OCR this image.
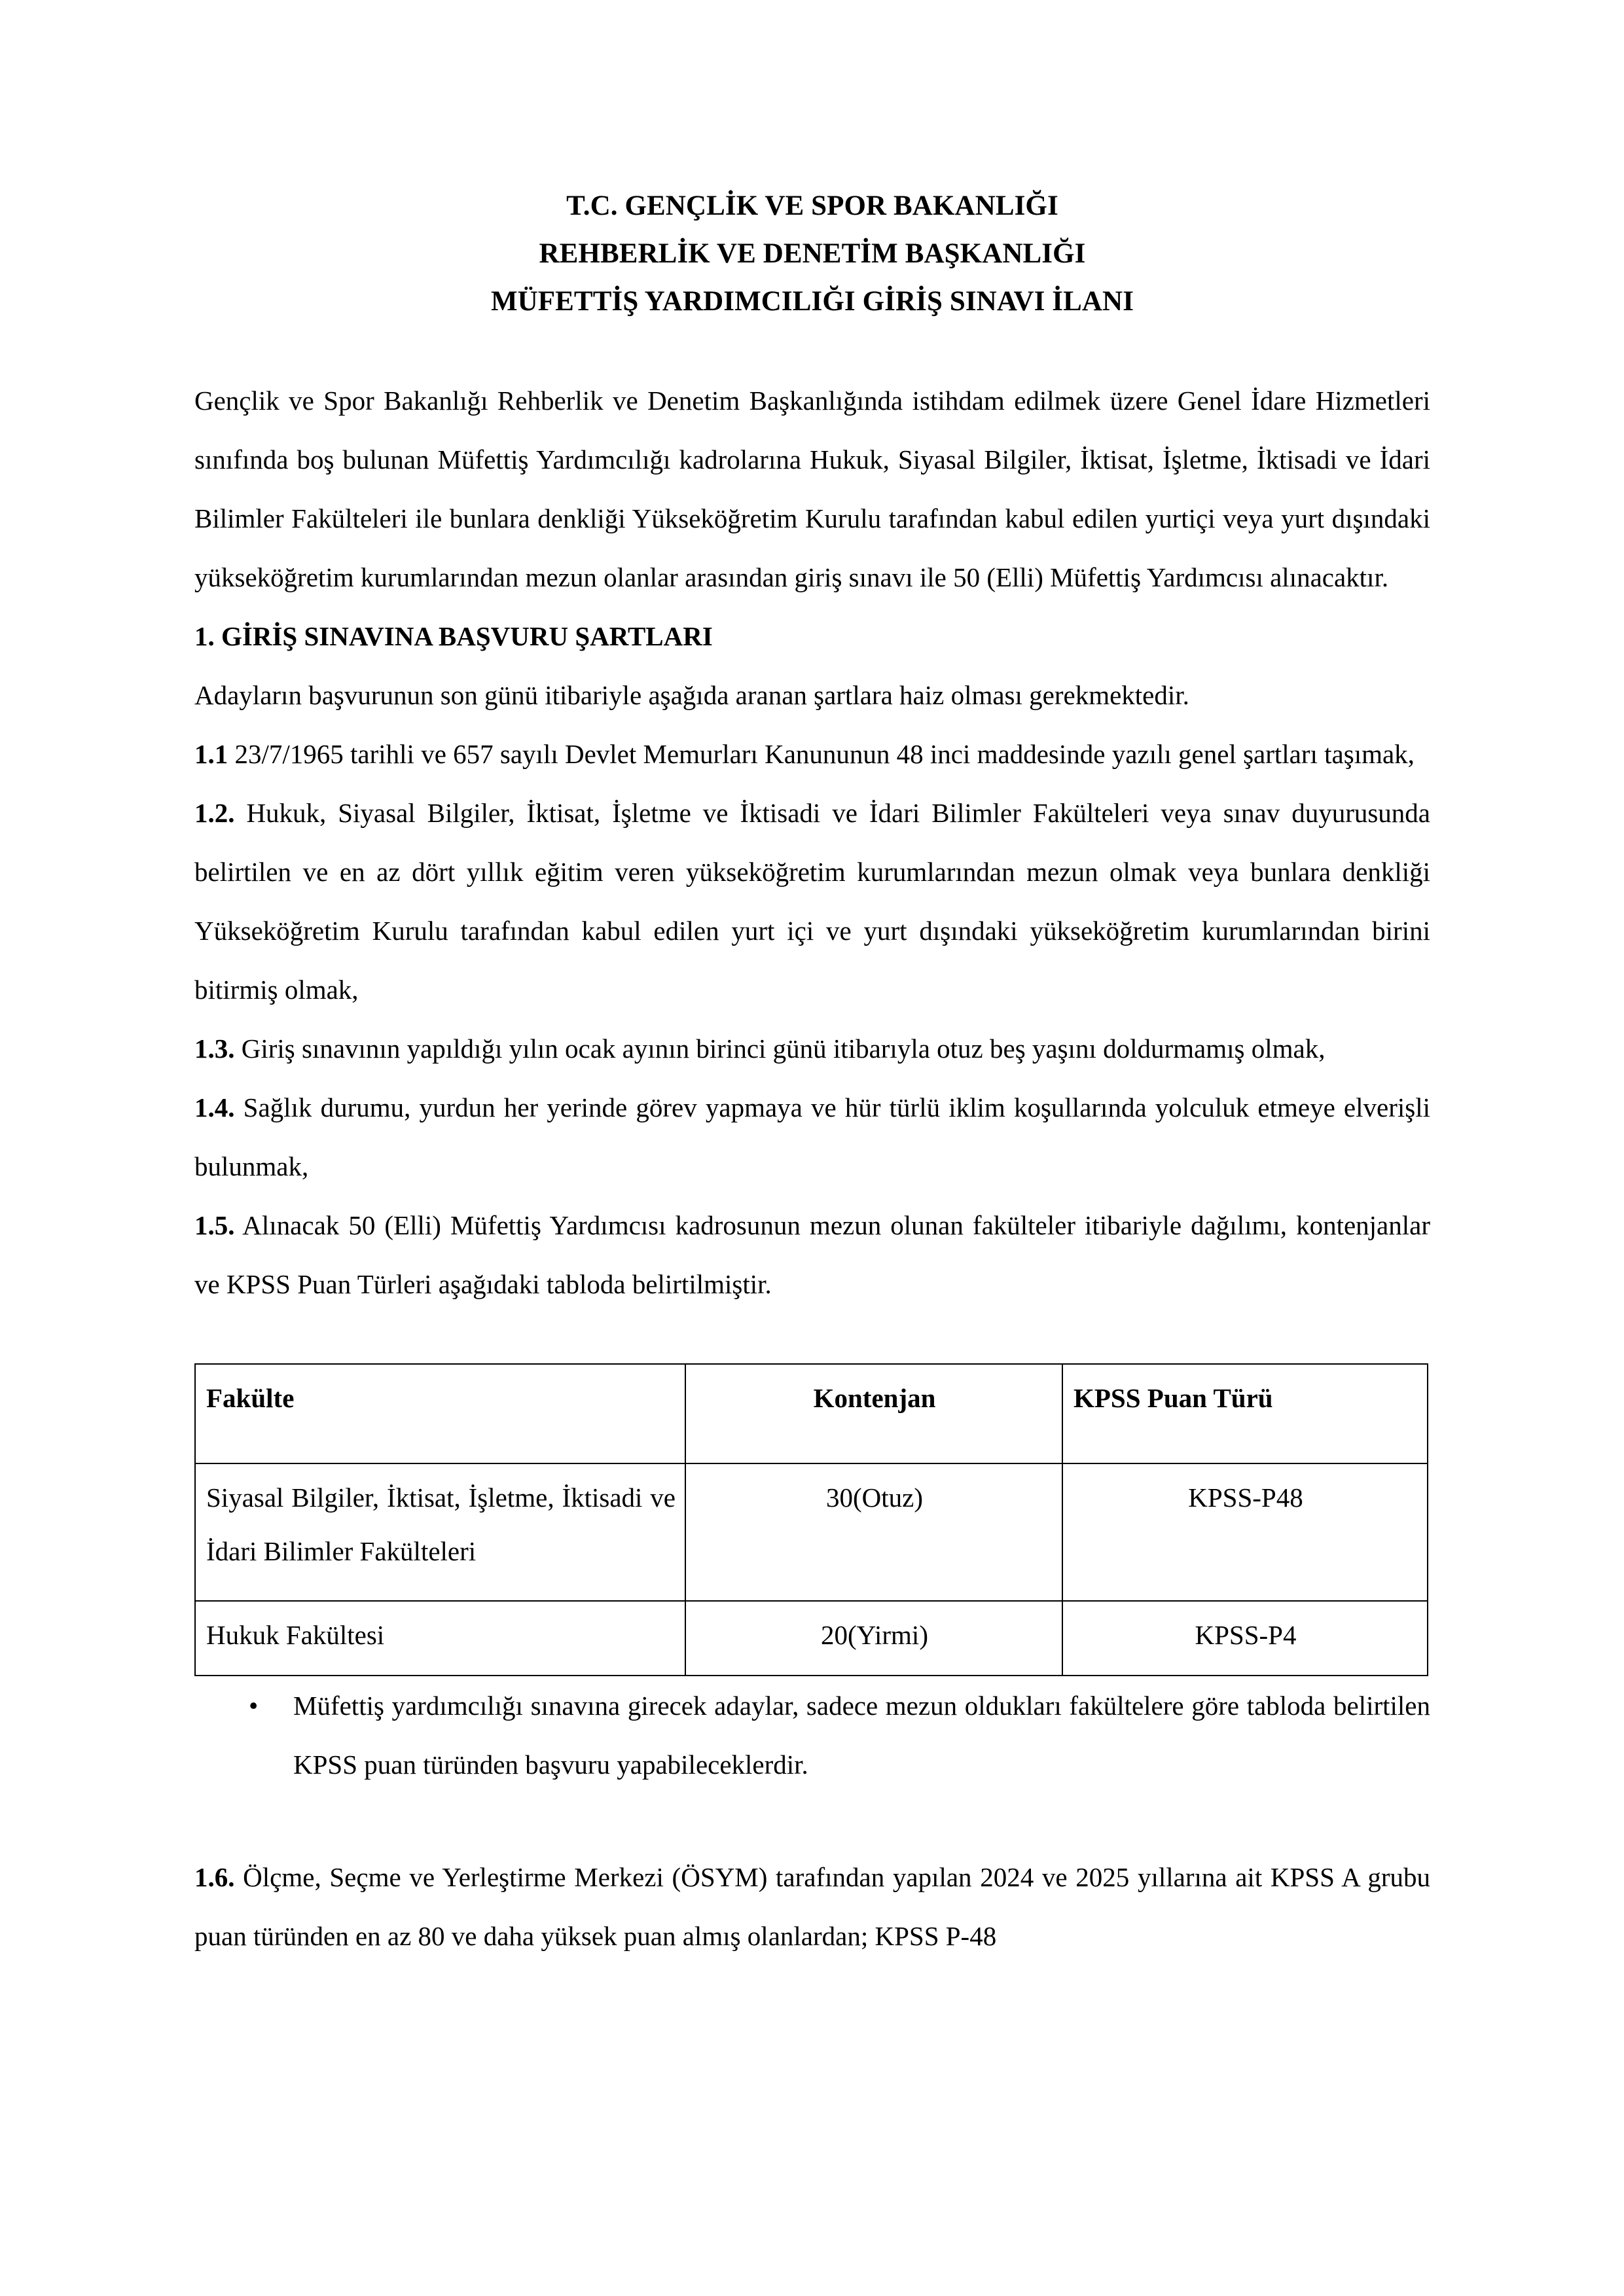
T.C. GENÇLİK VE SPOR BAKANLIĞI
REHBERLİK VE DENETİM BAŞKANLIĞI
MÜFETTİŞ YARDIMCILIĞI GİRİŞ SINAVI İLANI

Gençlik ve Spor Bakanlığı Rehberlik ve Denetim Başkanlığında istihdam edilmek üzere Genel İdare Hizmetleri sınıfında boş bulunan Müfettiş Yardımcılığı kadrolarına Hukuk, Siyasal Bilgiler, İktisat, İşletme, İktisadi ve İdari Bilimler Fakülteleri ile bunlara denkliği Yükseköğretim Kurulu tarafından kabul edilen yurtiçi veya yurt dışındaki yükseköğretim kurumlarından mezun olanlar arasından giriş sınavı ile 50 (Elli) Müfettiş Yardımcısı alınacaktır.

1. GİRİŞ SINAVINA BAŞVURU ŞARTLARI

Adayların başvurunun son günü itibariyle aşağıda aranan şartlara haiz olması gerekmektedir.

1.1 23/7/1965 tarihli ve 657 sayılı Devlet Memurları Kanununun 48 inci maddesinde yazılı genel şartları taşımak,

1.2. Hukuk, Siyasal Bilgiler, İktisat, İşletme ve İktisadi ve İdari Bilimler Fakülteleri veya sınav duyurusunda belirtilen ve en az dört yıllık eğitim veren yükseköğretim kurumlarından mezun olmak veya bunlara denkliği Yükseköğretim Kurulu tarafından kabul edilen yurt içi ve yurt dışındaki yükseköğretim kurumlarından birini bitirmiş olmak,

1.3. Giriş sınavının yapıldığı yılın ocak ayının birinci günü itibarıyla otuz beş yaşını doldurmamış olmak,

1.4. Sağlık durumu, yurdun her yerinde görev yapmaya ve hür türlü iklim koşullarında yolculuk etmeye elverişli bulunmak,

1.5. Alınacak 50 (Elli) Müfettiş Yardımcısı kadrosunun mezun olunan fakülteler itibariyle dağılımı, kontenjanlar ve KPSS Puan Türleri aşağıdaki tabloda belirtilmiştir.

Fakülte	Kontenjan	KPSS Puan Türü
Siyasal Bilgiler, İktisat, İşletme, İktisadi ve İdari Bilimler Fakülteleri	30(Otuz)	KPSS-P48
Hukuk Fakültesi	20(Yirmi)	KPSS-P4
• Müfettiş yardımcılığı sınavına girecek adaylar, sadece mezun oldukları fakültelere göre tabloda belirtilen KPSS puan türünden başvuru yapabileceklerdir.

1.6. Ölçme, Seçme ve Yerleştirme Merkezi (ÖSYM) tarafından yapılan 2024 ve 2025 yıllarına ait KPSS A grubu puan türünden en az 80 ve daha yüksek puan almış olanlardan; KPSS P-48
